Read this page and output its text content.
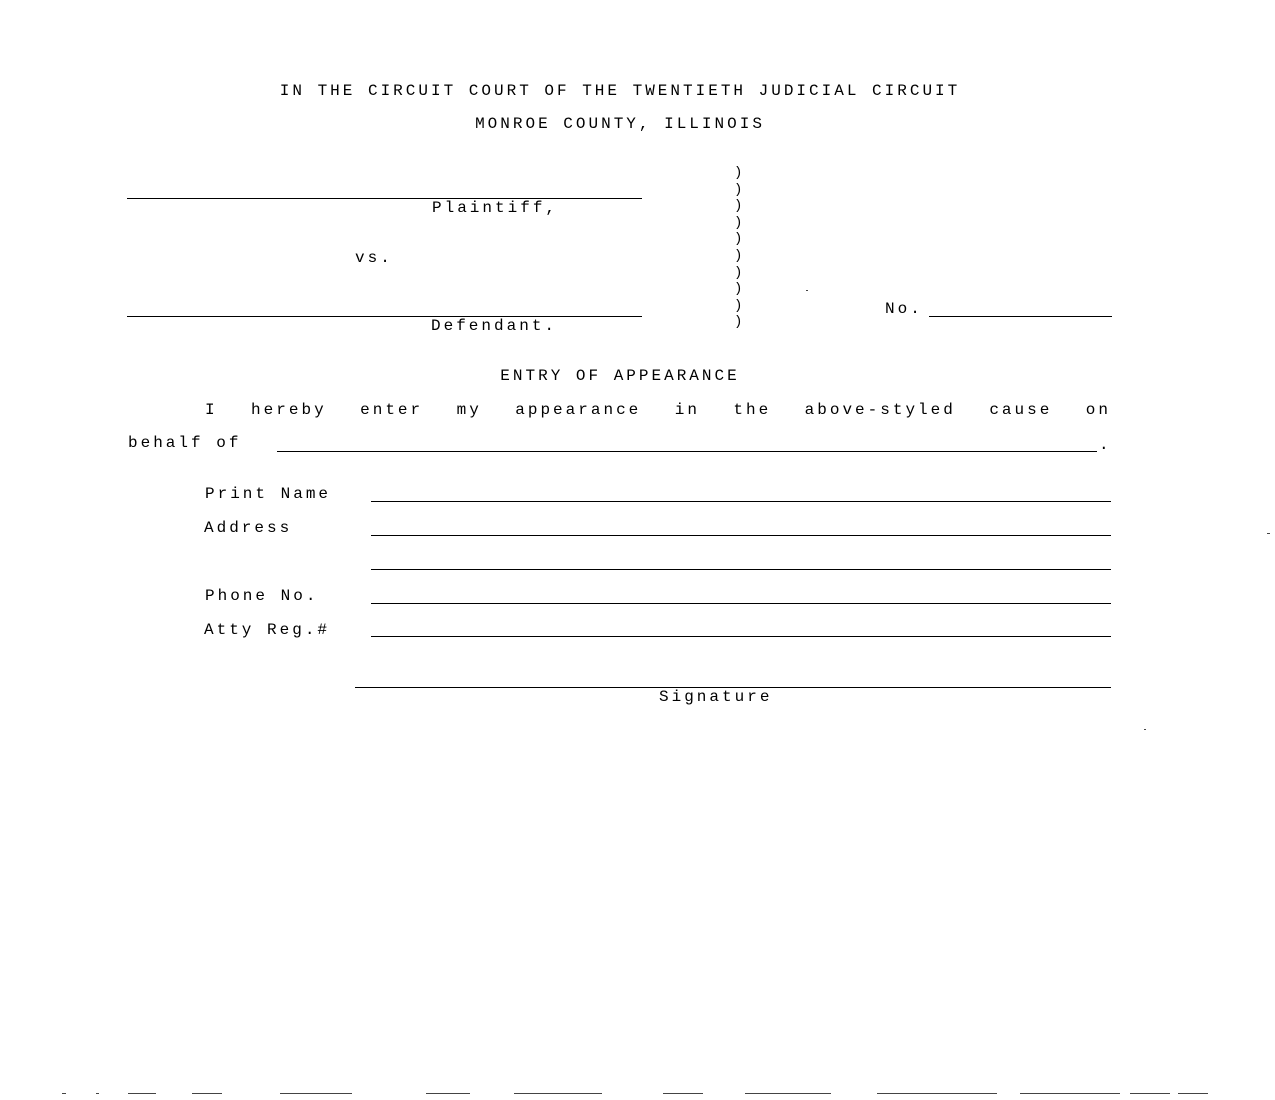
IN THE CIRCUIT COURT OF THE TWENTIETH JUDICIAL CIRCUIT
MONROE COUNTY, ILLINOIS
Plaintiff,
vs.
Defendant.
)
)
)
)
)
)
)
)
)
)
No.
ENTRY OF APPEARANCE
I hereby enter my appearance in the above-styled cause on
behalf of	.
Print Name
Address
Phone No.
Atty Reg.#
Signature
